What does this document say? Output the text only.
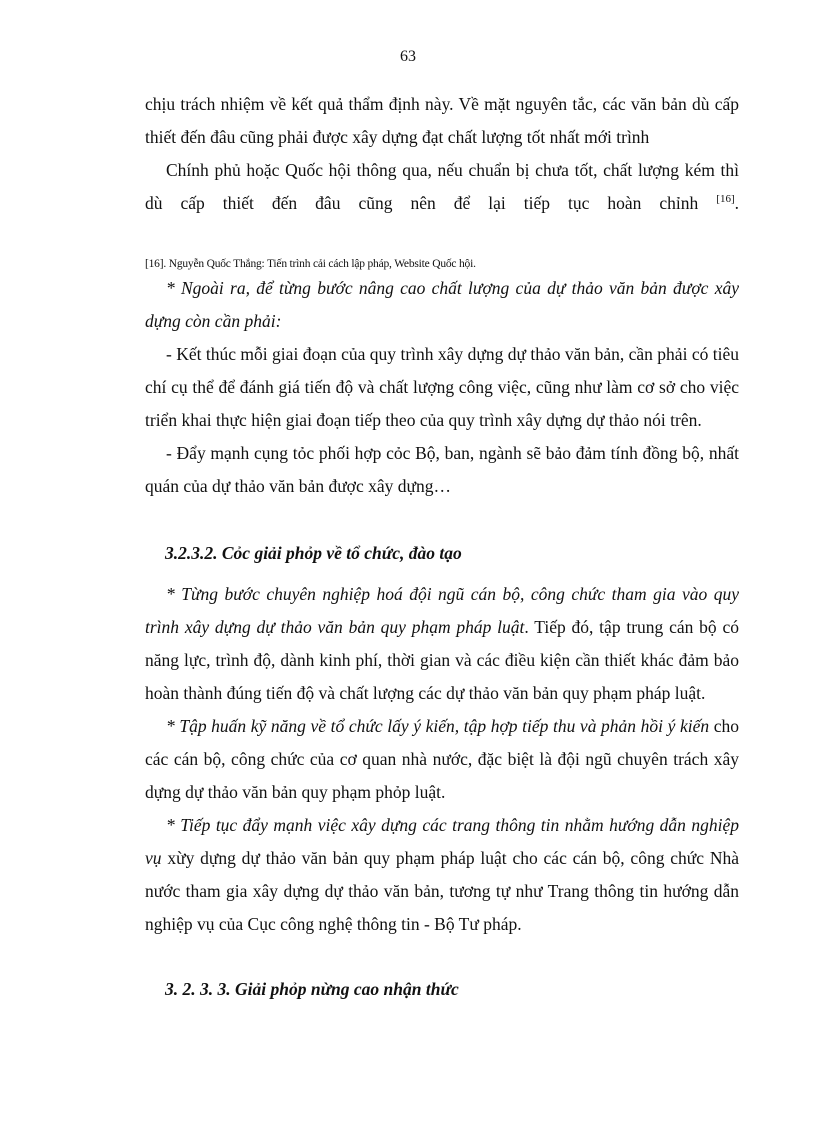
63

chịu trách nhiệm về kết quả thẩm định này. Về mặt nguyên tắc, các văn bản dù cấp thiết đến đâu cũng phải được xây dựng đạt chất lượng tốt nhất mới trình

Chính phủ hoặc Quốc hội thông qua, nếu chuẩn bị chưa tốt, chất lượng kém thì dù cấp thiết đến đâu cũng nên để lại tiếp tục hoàn chỉnh [16].

[16]. Nguyễn Quốc Thắng: Tiến trình cải cách lập pháp, Website Quốc hội.

* Ngoài ra, để từng bước nâng cao chất lượng của dự thảo văn bản được xây dựng còn cần phải:

- Kết thúc mỗi giai đoạn của quy trình xây dựng dự thảo văn bản, cần phải có tiêu chí cụ thể để đánh giá tiến độ và chất lượng công việc, cũng như làm cơ sở cho việc triển khai thực hiện giai đoạn tiếp theo của quy trình xây dựng dự thảo nói trên.

- Đẩy mạnh cụng tỏc phối hợp cỏc Bộ, ban, ngành sẽ bảo đảm tính đồng bộ, nhất quán của dự thảo văn bản được xây dựng…

3.2.3.2. Cỏc giải phỏp về tổ chức, đào tạo

* Từng bước chuyên nghiệp hoá đội ngũ cán bộ, công chức tham gia vào quy trình xây dựng dự thảo văn bản quy phạm pháp luật. Tiếp đó, tập trung cán bộ có năng lực, trình độ, dành kinh phí, thời gian và các điều kiện cần thiết khác đảm bảo hoàn thành đúng tiến độ và chất lượng các dự thảo văn bản quy phạm pháp luật.

* Tập huấn kỹ năng về tổ chức lấy ý kiến, tập hợp tiếp thu và phản hồi ý kiến cho các cán bộ, công chức của cơ quan nhà nước, đặc biệt là đội ngũ chuyên trách xây dựng dự thảo văn bản quy phạm phỏp luật.

* Tiếp tục đẩy mạnh việc xây dựng các trang thông tin nhằm hướng dẫn nghiệp vụ xừy dựng dự thảo văn bản quy phạm pháp luật cho các cán bộ, công chức Nhà nước tham gia xây dựng dự thảo văn bản, tương tự như Trang thông tin hướng dẫn nghiệp vụ của Cục công nghệ thông tin - Bộ Tư pháp.

3. 2. 3. 3. Giải phỏp nừng cao nhận thức
